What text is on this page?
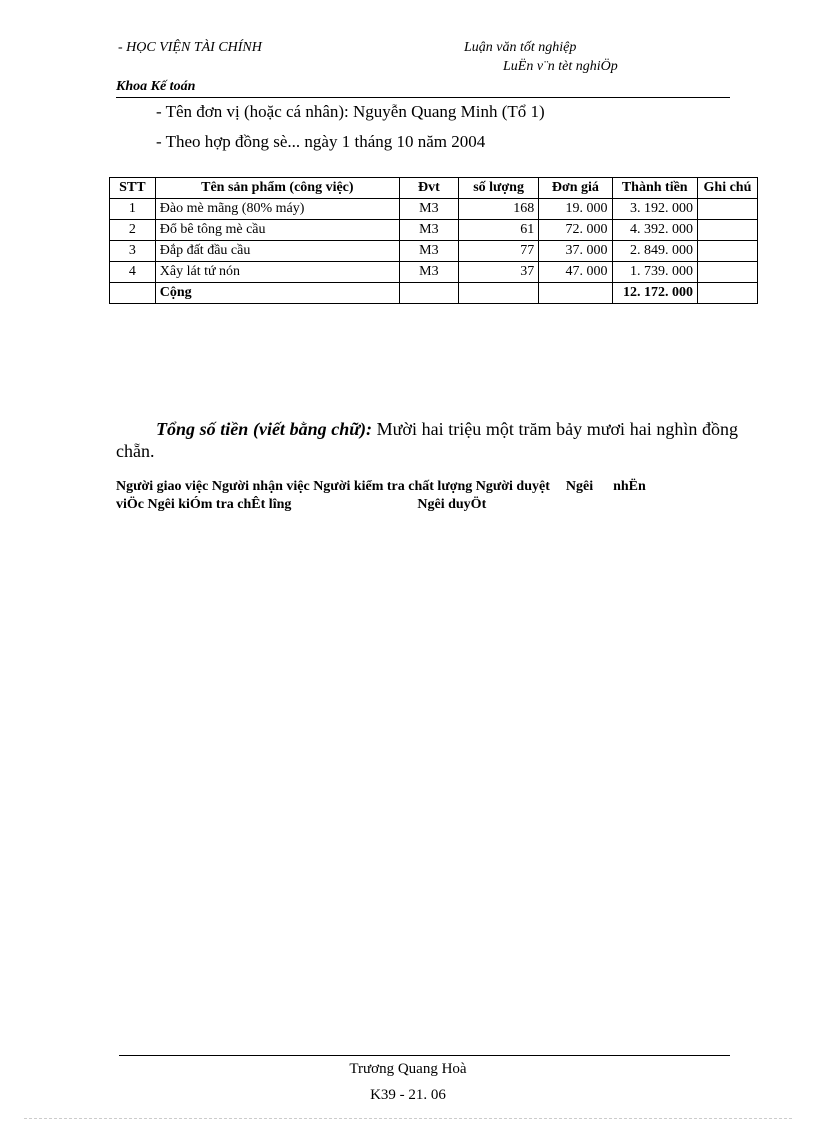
- HỌC VIỆN TÀI CHÍNH	Luận văn tốt nghiệp
LuËn v¨n tèt nghiÖp
Khoa Kế toán
- Tên đơn vị (hoặc cá nhân): Nguyễn Quang Minh (Tổ 1)
- Theo hợp đồng sè... ngày 1 tháng 10 năm 2004
STT	Tên sản phẩm (công việc)	Đvt	số lượng	Đơn giá	Thành tiền	Ghi chú
1	Đào mè mãng (80% máy)	M3	168	19. 000	3. 192. 000	
2	Đổ bê tông mè cầu	M3	61	72. 000	4. 392. 000	
3	Đắp đất đầu cầu	M3	77	37. 000	2. 849. 000	
4	Xây lát tứ nón	M3	37	47. 000	1. 739. 000	
	Cộng				12. 172. 000	
Tổng số tiền (viết bằng chữ): Mười hai triệu một trăm bảy mươi hai nghìn đồng chẵn.
Người giao việc Người nhận việc Người kiểm tra chất lượng Người duyệt Ngêi nhËn
viÖc Ngêi kiÓm tra chÊt lîng	Ngêi duyÖt
Trương Quang Hoà
K39 - 21. 06
